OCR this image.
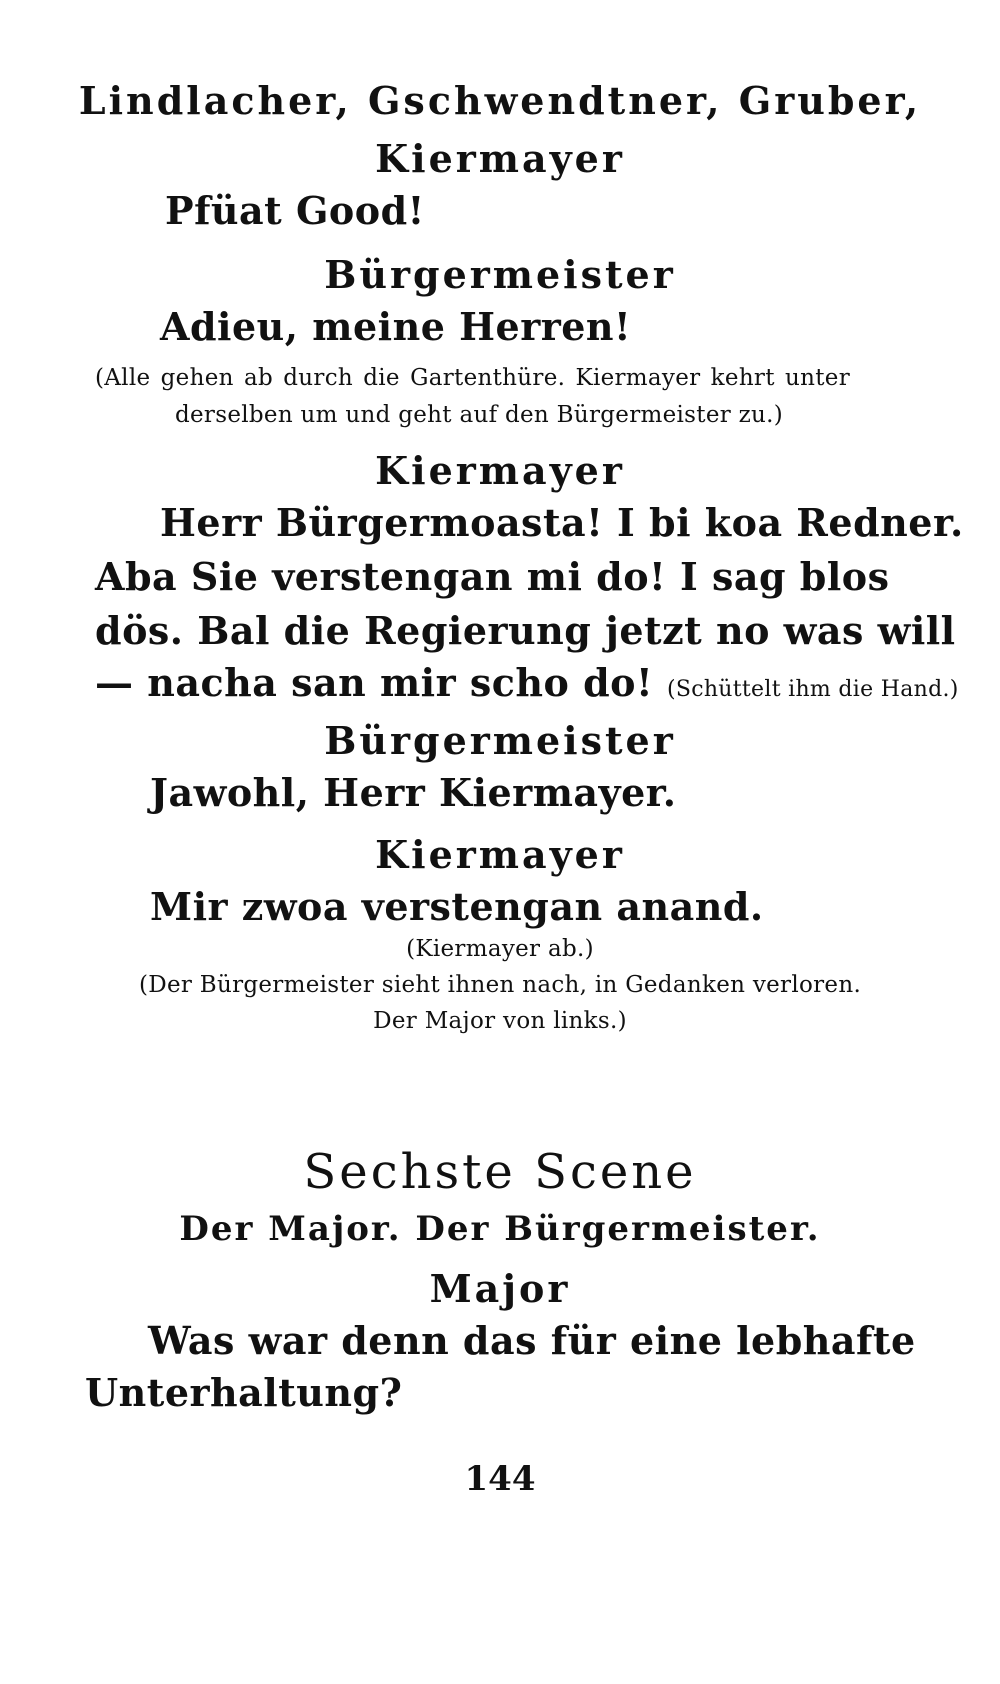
Lindlacher, Gschwendtner, Gruber,
Kiermayer
Pfüat Good!
Bürgermeister
Adieu, meine Herren!
(Alle gehen ab durch die Gartenthüre. Kiermayer kehrt unter
derselben um und geht auf den Bürgermeister zu.)
Kiermayer
Herr Bürgermoasta! I bi koa Redner.
Aba Sie verstengan mi do! I sag blos
dös. Bal die Regierung jetzt no was will
— nacha san mir scho do! (Schüttelt ihm die Hand.)
Bürgermeister
Jawohl, Herr Kiermayer.
Kiermayer
Mir zwoa verstengan anand.
(Kiermayer ab.)
(Der Bürgermeister sieht ihnen nach, in Gedanken verloren.
Der Major von links.)
Sechste Scene
Der Major. Der Bürgermeister.
Major
Was war denn das für eine lebhafte
Unterhaltung?
144
